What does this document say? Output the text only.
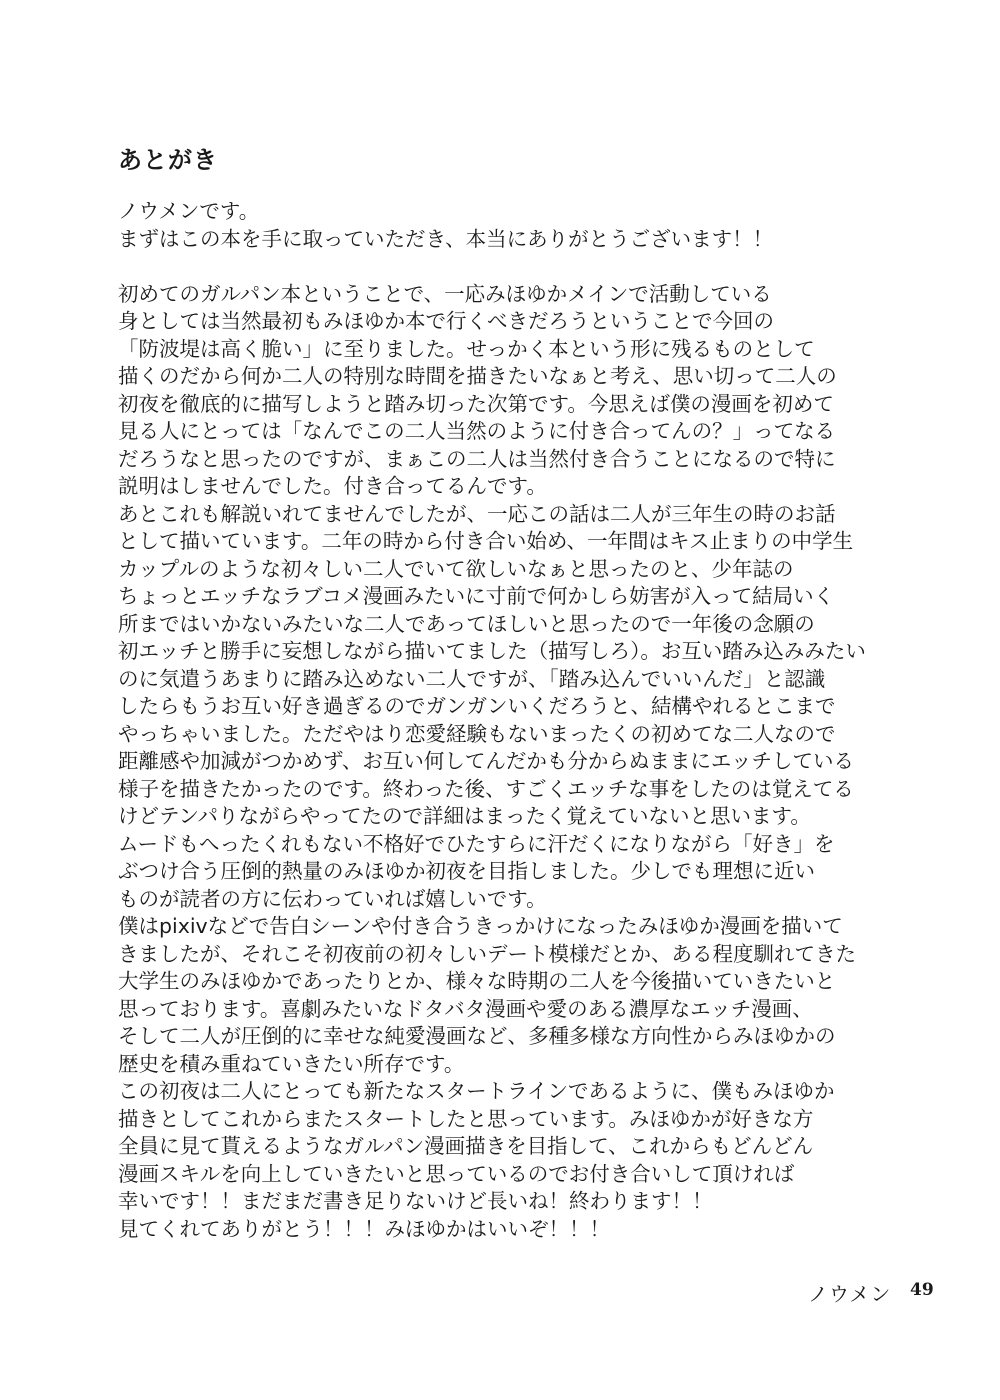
あとがき
ノウメンです。
まずはこの本を手に取っていただき、本当にありがとうございます！！
初めてのガルパン本ということで、一応みほゆかメインで活動している
身としては当然最初もみほゆか本で行くべきだろうということで今回の
「防波堤は高く脆い」に至りました。せっかく本という形に残るものとして
描くのだから何か二人の特別な時間を描きたいなぁと考え、思い切って二人の
初夜を徹底的に描写しようと踏み切った次第です。今思えば僕の漫画を初めて
見る人にとっては「なんでこの二人当然のように付き合ってんの？」ってなる
だろうなと思ったのですが、まぁこの二人は当然付き合うことになるので特に
説明はしませんでした。付き合ってるんです。
あとこれも解説いれてませんでしたが、一応この話は二人が三年生の時のお話
として描いています。二年の時から付き合い始め、一年間はキス止まりの中学生
カップルのような初々しい二人でいて欲しいなぁと思ったのと、少年誌の
ちょっとエッチなラブコメ漫画みたいに寸前で何かしら妨害が入って結局いく
所まではいかないみたいな二人であってほしいと思ったので一年後の念願の
初エッチと勝手に妄想しながら描いてました（描写しろ）。お互い踏み込みみたい
のに気遣うあまりに踏み込めない二人ですが、「踏み込んでいいんだ」と認識
したらもうお互い好き過ぎるのでガンガンいくだろうと、結構やれるとこまで
やっちゃいました。ただやはり恋愛経験もないまったくの初めてな二人なので
距離感や加減がつかめず、お互い何してんだかも分からぬままにエッチしている
様子を描きたかったのです。終わった後、すごくエッチな事をしたのは覚えてる
けどテンパりながらやってたので詳細はまったく覚えていないと思います。
ムードもへったくれもない不格好でひたすらに汗だくになりながら「好き」を
ぶつけ合う圧倒的熱量のみほゆか初夜を目指しました。少しでも理想に近い
ものが読者の方に伝わっていれば嬉しいです。
僕はpixivなどで告白シーンや付き合うきっかけになったみほゆか漫画を描いて
きましたが、それこそ初夜前の初々しいデート模様だとか、ある程度馴れてきた
大学生のみほゆかであったりとか、様々な時期の二人を今後描いていきたいと
思っております。喜劇みたいなドタバタ漫画や愛のある濃厚なエッチ漫画、
そして二人が圧倒的に幸せな純愛漫画など、多種多様な方向性からみほゆかの
歴史を積み重ねていきたい所存です。
この初夜は二人にとっても新たなスタートラインであるように、僕もみほゆか
描きとしてこれからまたスタートしたと思っています。みほゆかが好きな方
全員に見て貰えるようなガルパン漫画描きを目指して、これからもどんどん
漫画スキルを向上していきたいと思っているのでお付き合いして頂ければ
幸いです！！まだまだ書き足りないけど長いね！終わります！！
見てくれてありがとう！！！みほゆかはいいぞ！！！
ノウメン 49
